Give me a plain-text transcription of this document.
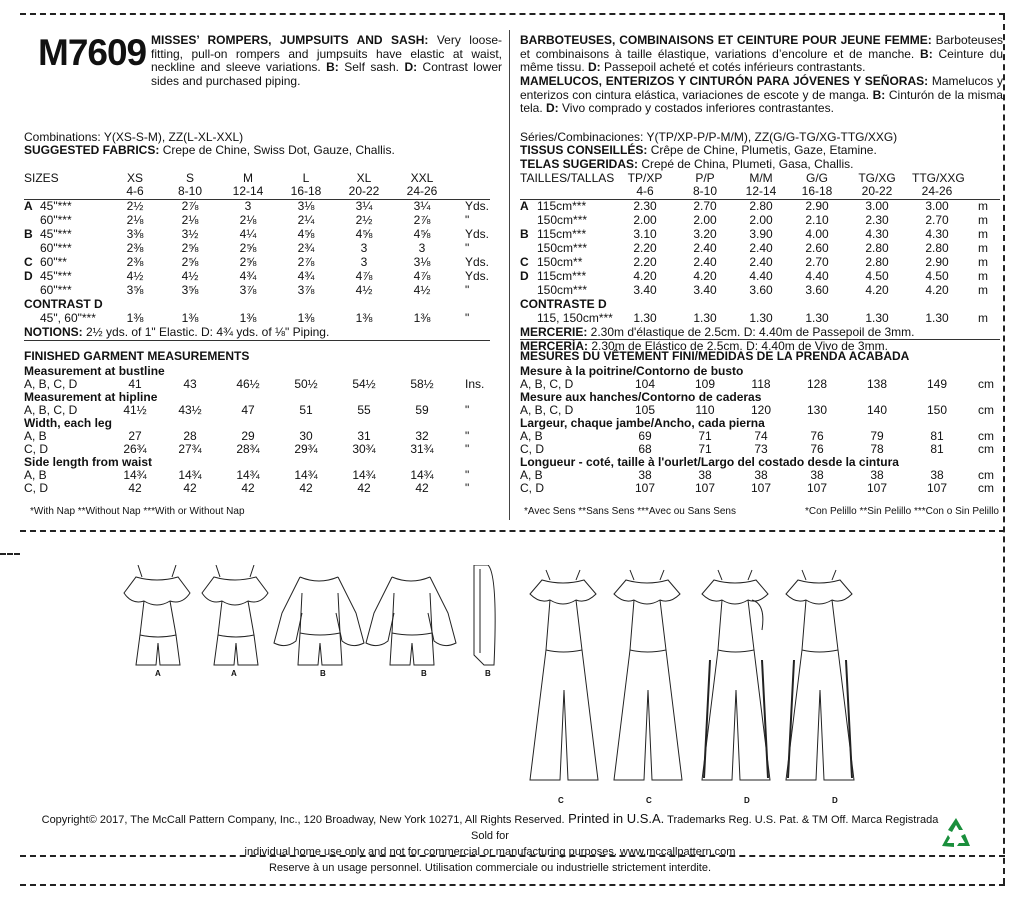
M7609 MISSES’ ROMPERS, JUMPSUITS AND SASH: Very loose-fitting, pull-on rompers and jumpsuits have elastic at waist, neckline and sleeve variations. B: Self sash. D: Contrast lower sides and purchased piping.
BARBOTEUSES, COMBINAISONS ET CEINTURE POUR JEUNE FEMME: Barboteuses et combinaisons à taille élastique, variations d’encolure et de manche. B: Ceinture du même tissu. D: Passepoil acheté et cotés inférieurs contrastants.
MAMELUCOS, ENTERIZOS Y CINTURÓN PARA JÓVENES Y SEÑORAS: Mamelucos y enterizos con cintura elástica, variaciones de escote y de manga. B: Cinturón de la misma tela. D: Vivo comprado y costados inferiores contrastantes.
Combinations: Y(XS-S-M), ZZ(L-XL-XXL)
SUGGESTED FABRICS: Crepe de Chine, Swiss Dot, Gauze, Challis.
SIZES	XS	S	M	L	XL	XXL
4-6	8-10	12-14	16-18	20-22	24-26
A 45"***	2½	2⅞	3	3⅛	3¼	3¼	Yds.
60"***	2⅛	2⅛	2⅛	2¼	2½	2⅞	"
B 45"***	3⅜	3½	4¼	4⅝	4⅝	4⅝	Yds.
60"***	2⅜	2⅝	2⅝	2¾	3	3	"
C 60"**	2⅜	2⅝	2⅝	2⅞	3	3⅛	Yds.
D 45"***	4½	4½	4¾	4¾	4⅞	4⅞	Yds.
60"***	3⅝	3⅝	3⅞	3⅞	4½	4½	"
CONTRAST D
45", 60"***	1⅜	1⅜	1⅜	1⅜	1⅜	1⅜	"
NOTIONS: 2½ yds. of 1" Elastic. D: 4¾ yds. of ⅛" Piping.
FINISHED GARMENT MEASUREMENTS
Measurement at bustline
A, B, C, D	41	43	46½	50½	54½	58½	Ins.
Measurement at hipline
A, B, C, D	41½	43½	47	51	55	59	"
Width, each leg
A, B	27	28	29	30	31	32	"
C, D	26¾	27¾	28¾	29¾	30¾	31¾	"
Side length from waist
A, B	14¾	14¾	14¾	14¾	14¾	14¾	"
C, D	42	42	42	42	42	42	"
*With Nap **Without Nap ***With or Without Nap
Séries/Combinaciones: Y(TP/XP-P/P-M/M), ZZ(G/G-TG/XG-TTG/XXG)
TISSUS CONSEILLÉS: Crêpe de Chine, Plumetis, Gaze, Etamine.
TELAS SUGERIDAS: Crepé de China, Plumeti, Gasa, Challis.
TAILLES/TALLAS	TP/XP	P/P	M/M	G/G	TG/XG	TTG/XXG
4-6	8-10	12-14	16-18	20-22	24-26
A 115cm***	2.30	2.70	2.80	2.90	3.00	3.00	m
150cm***	2.00	2.00	2.00	2.10	2.30	2.70	m
B 115cm***	3.10	3.20	3.90	4.00	4.30	4.30	m
150cm***	2.20	2.40	2.40	2.60	2.80	2.80	m
C 150cm**	2.20	2.40	2.40	2.70	2.80	2.90	m
D 115cm***	4.20	4.20	4.40	4.40	4.50	4.50	m
150cm***	3.40	3.40	3.60	3.60	4.20	4.20	m
CONTRASTE D
115, 150cm***	1.30	1.30	1.30	1.30	1.30	1.30	m
MERCERIE: 2.30m d'élastique de 2.5cm. D: 4.40m de Passepoil de 3mm.
MERCERÍA: 2.30m de Elástico de 2.5cm. D: 4.40m de Vivo de 3mm.
MESURES DU VÊTEMENT FINI/MEDIDAS DE LA PRENDA ACABADA
Mesure à la poitrine/Contorno de busto
A, B, C, D	104	109	118	128	138	149	cm
Mesure aux hanches/Contorno de caderas
A, B, C, D	105	110	120	130	140	150	cm
Largeur, chaque jambe/Ancho, cada pierna
A, B	69	71	74	76	79	81	cm
C, D	68	71	73	76	78	81	cm
Longueur - coté, taille à l'ourlet/Largo del costado desde la cintura
A, B	38	38	38	38	38	38	cm
C, D	107	107	107	107	107	107	cm
*Avec Sens **Sans Sens ***Avec ou Sans Sens	*Con Pelillo **Sin Pelillo ***Con o Sin Pelillo
A	A	B	B	B
C	C	D	D
Copyright© 2017, The McCall Pattern Company, Inc., 120 Broadway, New York 10271, All Rights Reserved. Printed in U.S.A. Trademarks Reg. U.S. Pat. & TM Off. Marca Registrada Sold for
individual home use only and not for commercial or manufacturing purposes. www.mccallpattern.com
Reserve à un usage personnel. Utilisation commerciale ou industrielle strictement interdite.
